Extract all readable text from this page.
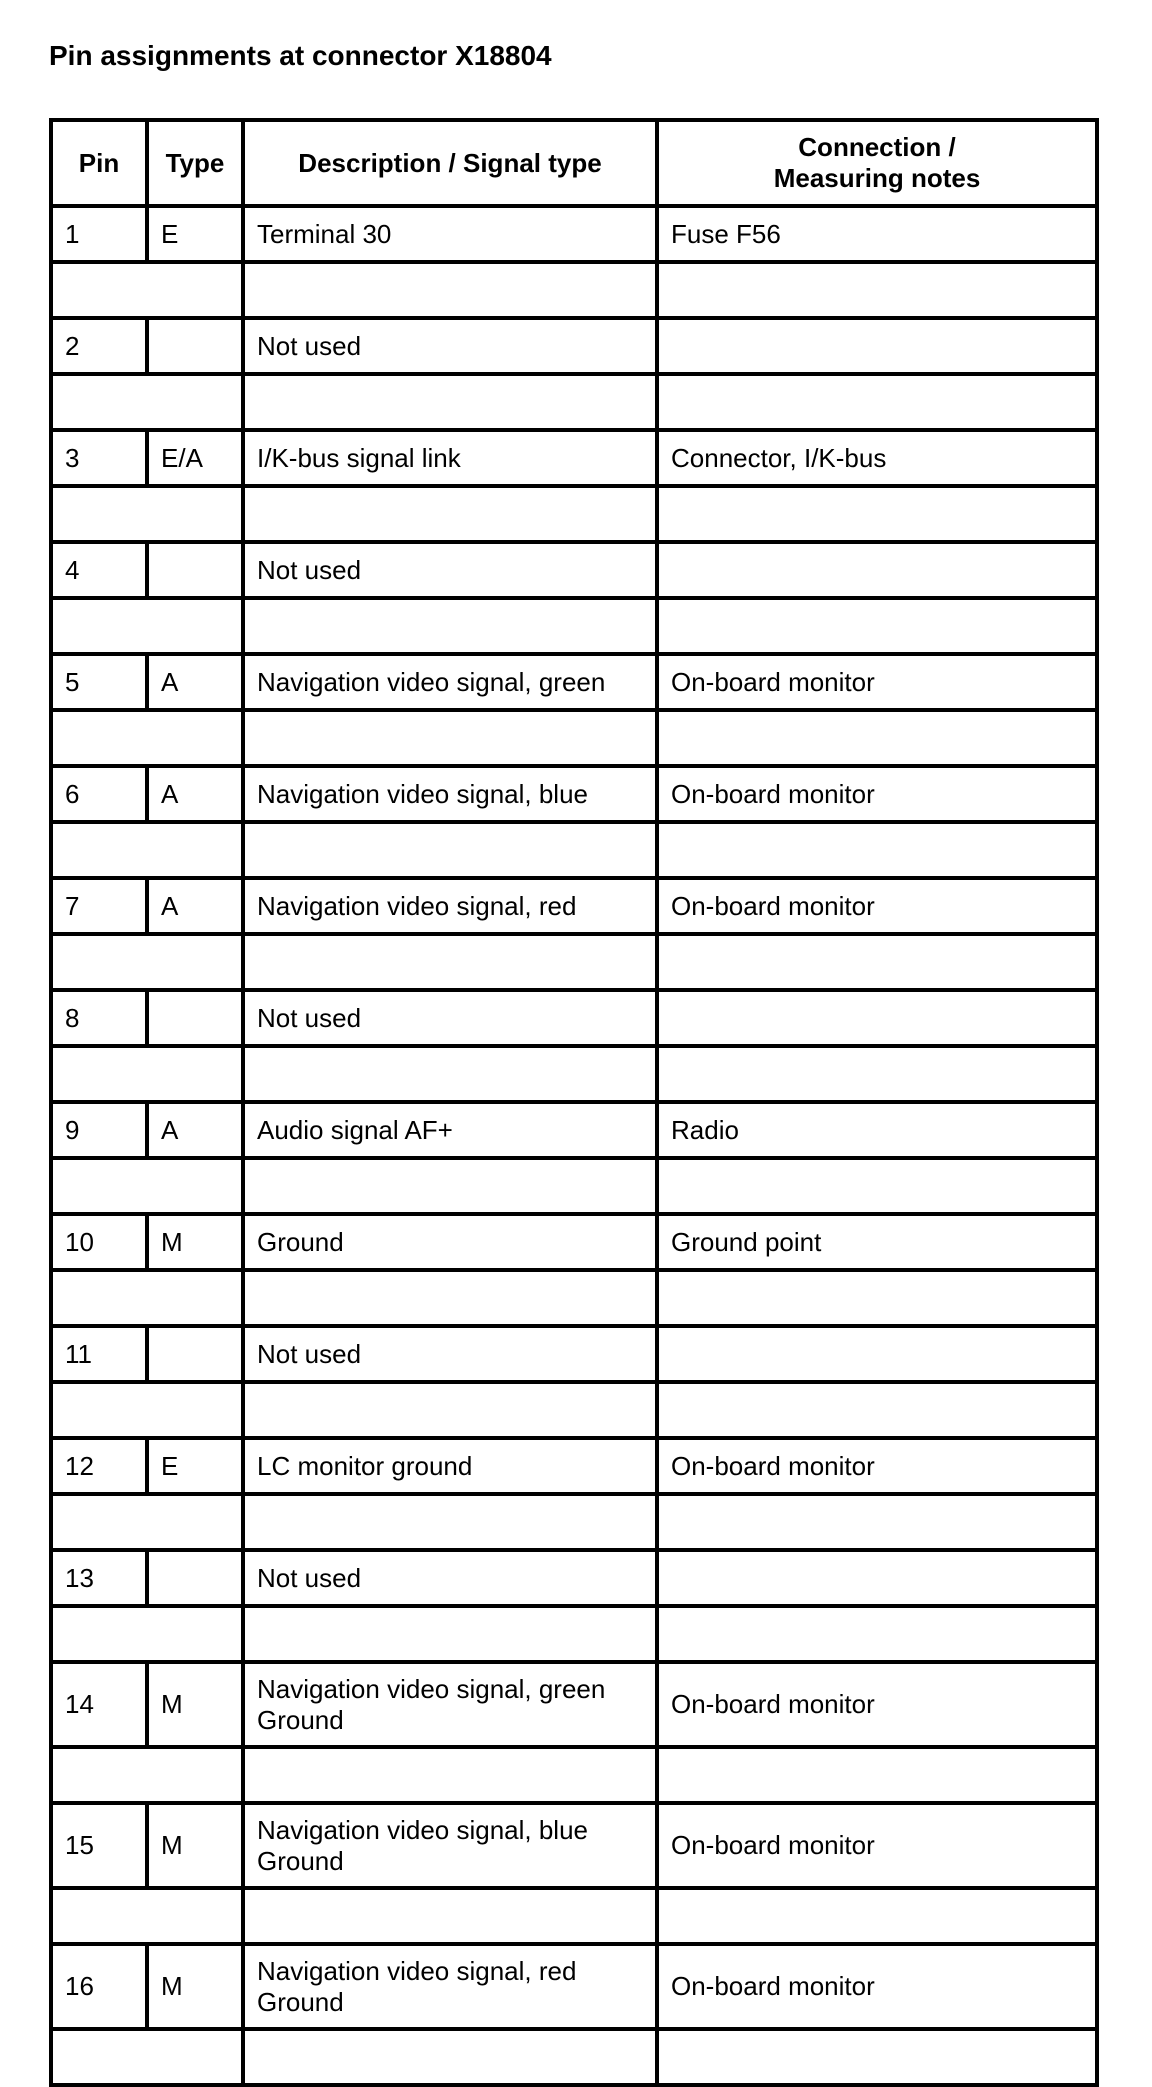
Pin assignments at connector X18804
Pin	Type	Description / Signal type	Connection /
Measuring notes
1	E	Terminal 30	Fuse F56

2		Not used	

3	E/A	I/K-bus signal link	Connector, I/K-bus

4		Not used	

5	A	Navigation video signal, green	On-board monitor

6	A	Navigation video signal, blue	On-board monitor

7	A	Navigation video signal, red	On-board monitor

8		Not used	

9	A	Audio signal AF+	Radio

10	M	Ground	Ground point

11		Not used	

12	E	LC monitor ground	On-board monitor

13		Not used	

14	M	Navigation video signal, green
Ground	On-board monitor

15	M	Navigation video signal, blue
Ground	On-board monitor

16	M	Navigation video signal, red
Ground	On-board monitor
